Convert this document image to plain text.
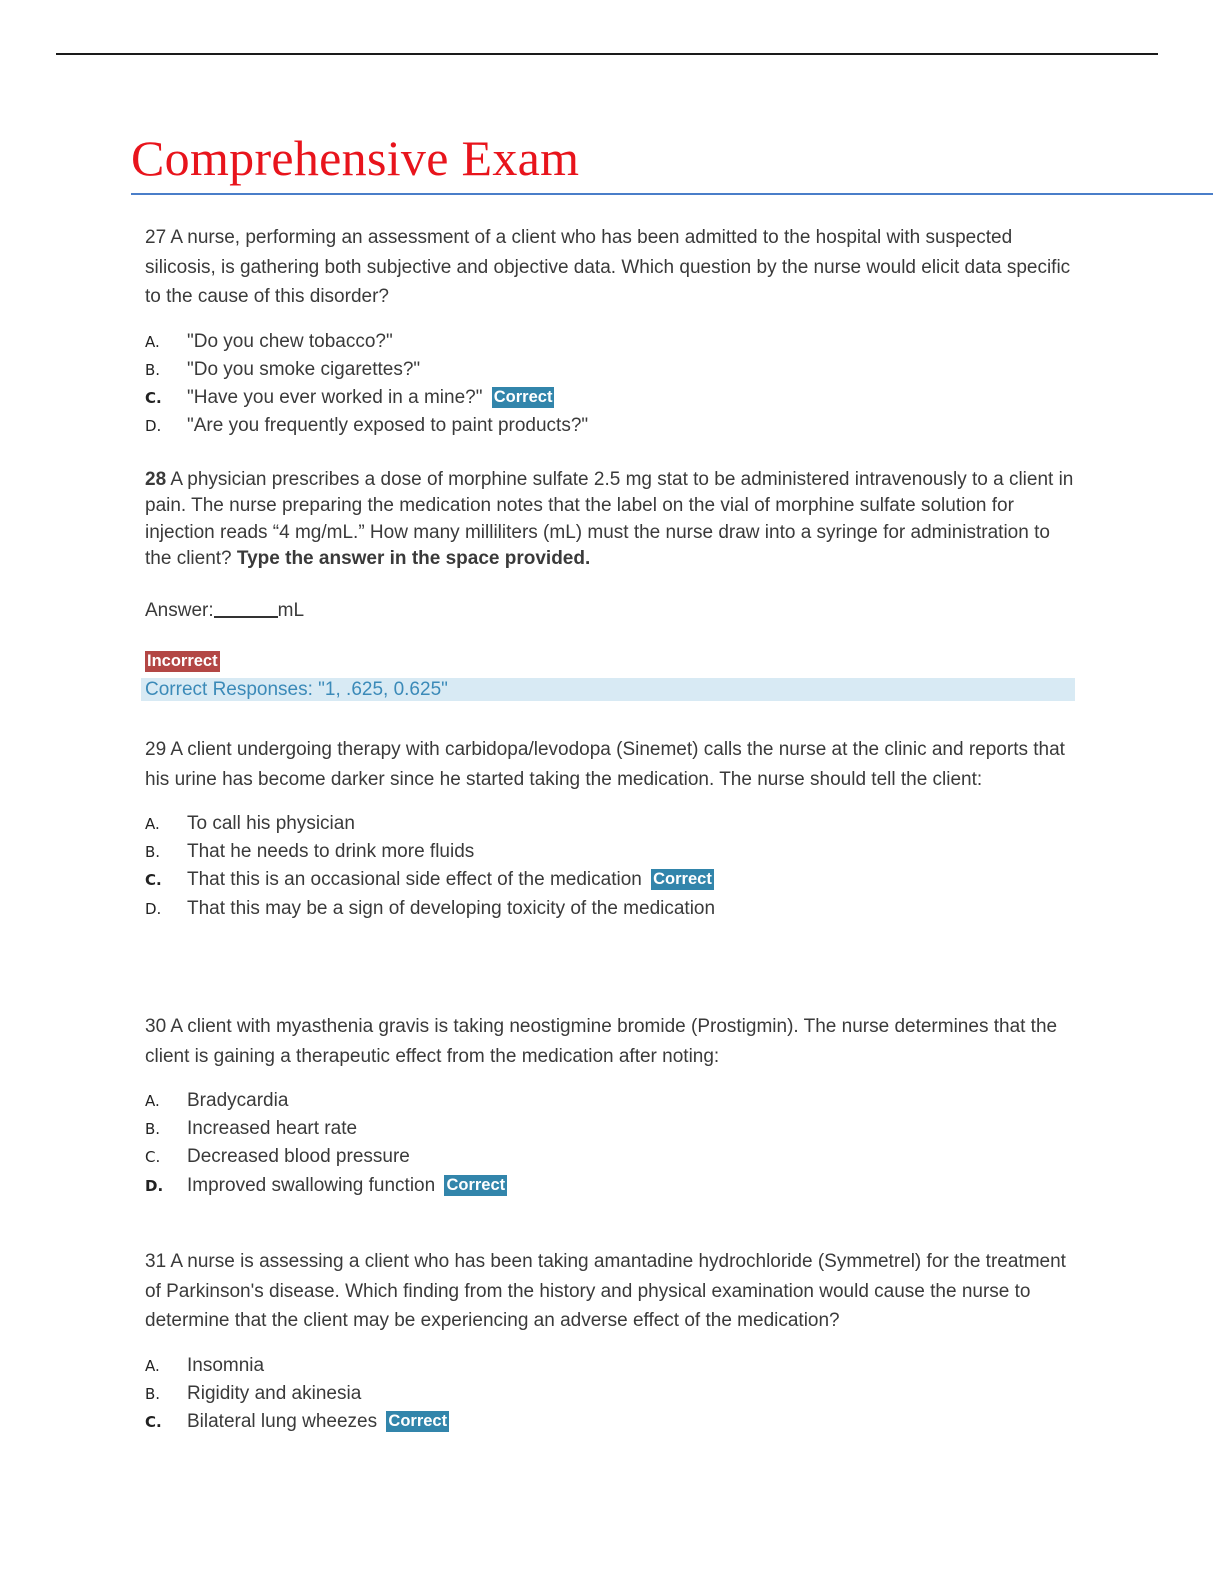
Comprehensive Exam

27 A nurse, performing an assessment of a client who has been admitted to the hospital with suspected silicosis, is gathering both subjective and objective data. Which question by the nurse would elicit data specific to the cause of this disorder?

A.	"Do you chew tobacco?"
B.	"Do you smoke cigarettes?"
C.	"Have you ever worked in a mine?" Correct
D.	"Are you frequently exposed to paint products?"

28 A physician prescribes a dose of morphine sulfate 2.5 mg stat to be administered intravenously to a client in pain. The nurse preparing the medication notes that the label on the vial of morphine sulfate solution for injection reads “4 mg/mL.” How many milliliters (mL) must the nurse draw into a syringe for administration to the client? Type the answer in the space provided.

Answer:	mL
Incorrect
Correct Responses: "1, .625, 0.625"

29 A client undergoing therapy with carbidopa/levodopa (Sinemet) calls the nurse at the clinic and reports that his urine has become darker since he started taking the medication. The nurse should tell the client:

A.	To call his physician
B.	That he needs to drink more fluids
C.	That this is an occasional side effect of the medication Correct
D.	That this may be a sign of developing toxicity of the medication

30 A client with myasthenia gravis is taking neostigmine bromide (Prostigmin). The nurse determines that the client is gaining a therapeutic effect from the medication after noting:

A.	Bradycardia
B.	Increased heart rate
C.	Decreased blood pressure
D.	Improved swallowing function Correct

31 A nurse is assessing a client who has been taking amantadine hydrochloride (Symmetrel) for the treatment of Parkinson's disease. Which finding from the history and physical examination would cause the nurse to determine that the client may be experiencing an adverse effect of the medication?

A.	Insomnia
B.	Rigidity and akinesia
C.	Bilateral lung wheezes Correct
